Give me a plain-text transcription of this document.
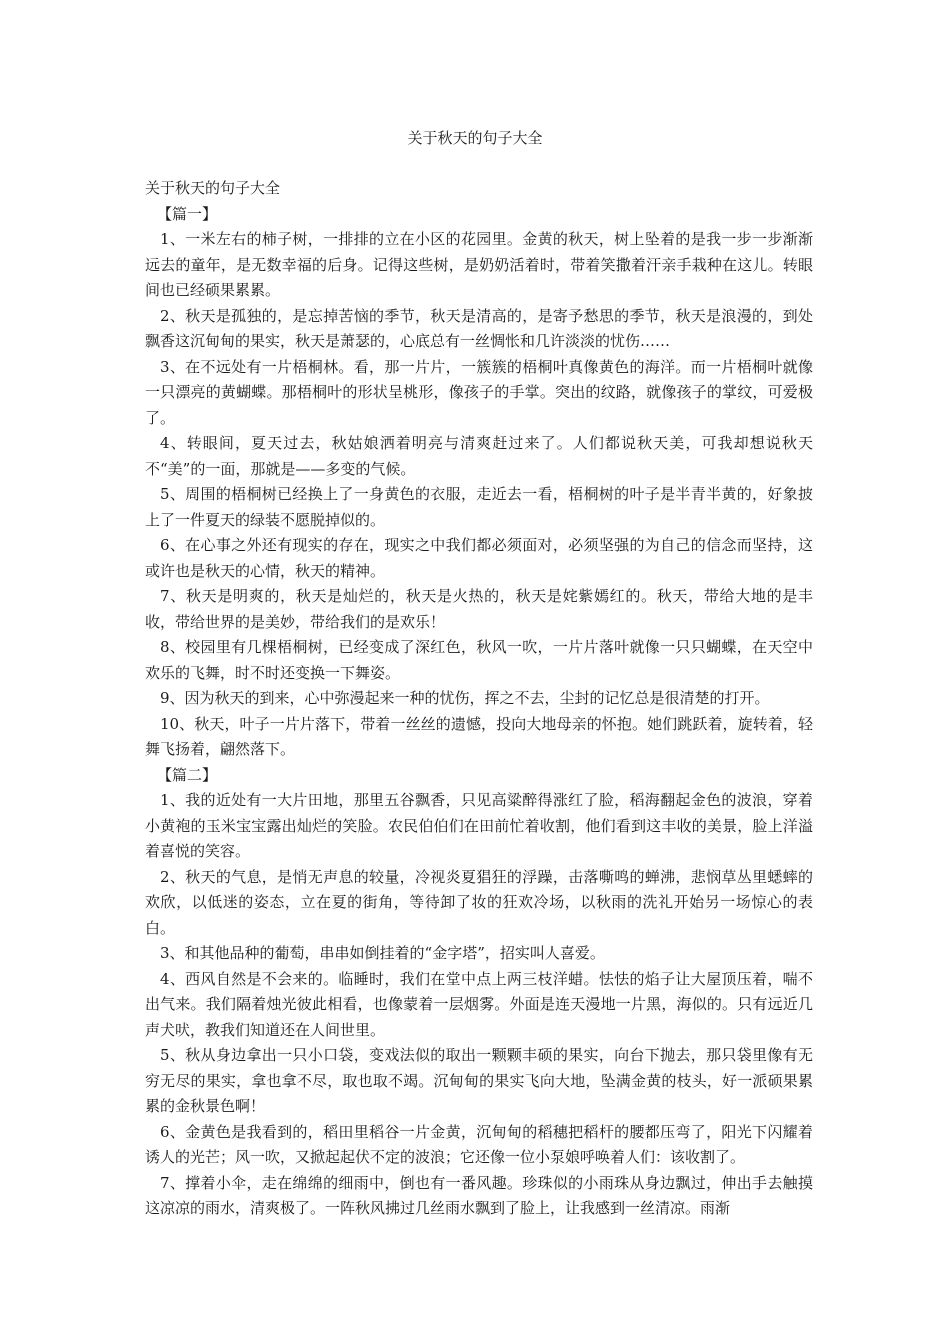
关于秋天的句子大全

关于秋天的句子大全

【篇一】

1、一米左右的柿子树，一排排的立在小区的花园里。金黄的秋天，树上坠着的是我一步一步渐渐远去的童年，是无数幸福的后身。记得这些树，是奶奶活着时，带着笑撒着汗亲手栽种在这儿。转眼间也已经硕果累累。

2、秋天是孤独的，是忘掉苦恼的季节，秋天是清高的，是寄予愁思的季节，秋天是浪漫的，到处飘香这沉甸甸的果实，秋天是萧瑟的，心底总有一丝惆怅和几许淡淡的忧伤……

3、在不远处有一片梧桐林。看，那一片片，一簇簇的梧桐叶真像黄色的海洋。而一片梧桐叶就像一只漂亮的黄蝴蝶。那梧桐叶的形状呈桃形，像孩子的手掌。突出的纹路，就像孩子的掌纹，可爱极了。

4、转眼间，夏天过去，秋姑娘洒着明亮与清爽赶过来了。人们都说秋天美，可我却想说秋天不“美”的一面，那就是——多变的气候。

5、周围的梧桐树已经换上了一身黄色的衣服，走近去一看，梧桐树的叶子是半青半黄的，好象披上了一件夏天的绿装不愿脱掉似的。

6、在心事之外还有现实的存在，现实之中我们都必须面对，必须坚强的为自己的信念而坚持，这或许也是秋天的心情，秋天的精神。

7、秋天是明爽的，秋天是灿烂的，秋天是火热的，秋天是姹紫嫣红的。秋天，带给大地的是丰收，带给世界的是美妙，带给我们的是欢乐！

8、校园里有几棵梧桐树，已经变成了深红色，秋风一吹，一片片落叶就像一只只蝴蝶，在天空中欢乐的飞舞，时不时还变换一下舞姿。

9、因为秋天的到来，心中弥漫起来一种的忧伤，挥之不去，尘封的记忆总是很清楚的打开。

10、秋天，叶子一片片落下，带着一丝丝的遗憾，投向大地母亲的怀抱。她们跳跃着，旋转着，轻舞飞扬着，翩然落下。

【篇二】

1、我的近处有一大片田地，那里五谷飘香，只见高粱醉得涨红了脸，稻海翻起金色的波浪，穿着小黄袍的玉米宝宝露出灿烂的笑脸。农民伯伯们在田前忙着收割，他们看到这丰收的美景，脸上洋溢着喜悦的笑容。

2、秋天的气息，是悄无声息的较量，冷视炎夏猖狂的浮躁，击落嘶鸣的蝉沸，悲悯草丛里蟋蟀的欢欣，以低迷的姿态，立在夏的街角，等待卸了妆的狂欢冷场，以秋雨的洗礼开始另一场惊心的表白。

3、和其他品种的葡萄，串串如倒挂着的“金字塔”，招实叫人喜爱。

4、西风自然是不会来的。临睡时，我们在堂中点上两三枝洋蜡。怯怯的焰子让大屋顶压着，喘不出气来。我们隔着烛光彼此相看，也像蒙着一层烟雾。外面是连天漫地一片黑，海似的。只有远近几声犬吠，教我们知道还在人间世里。

5、秋从身边拿出一只小口袋，变戏法似的取出一颗颗丰硕的果实，向台下抛去，那只袋里像有无穷无尽的果实，拿也拿不尽，取也取不竭。沉甸甸的果实飞向大地，坠满金黄的枝头，好一派硕果累累的金秋景色啊！

6、金黄色是我看到的，稻田里稻谷一片金黄，沉甸甸的稻穗把稻杆的腰都压弯了，阳光下闪耀着诱人的光芒；风一吹，又掀起起伏不定的波浪；它还像一位小泵娘呼唤着人们：该收割了。

7、撑着小伞，走在绵绵的细雨中，倒也有一番风趣。珍珠似的小雨珠从身边飘过，伸出手去触摸这凉凉的雨水，清爽极了。一阵秋风拂过几丝雨水飘到了脸上，让我感到一丝清凉。雨渐
